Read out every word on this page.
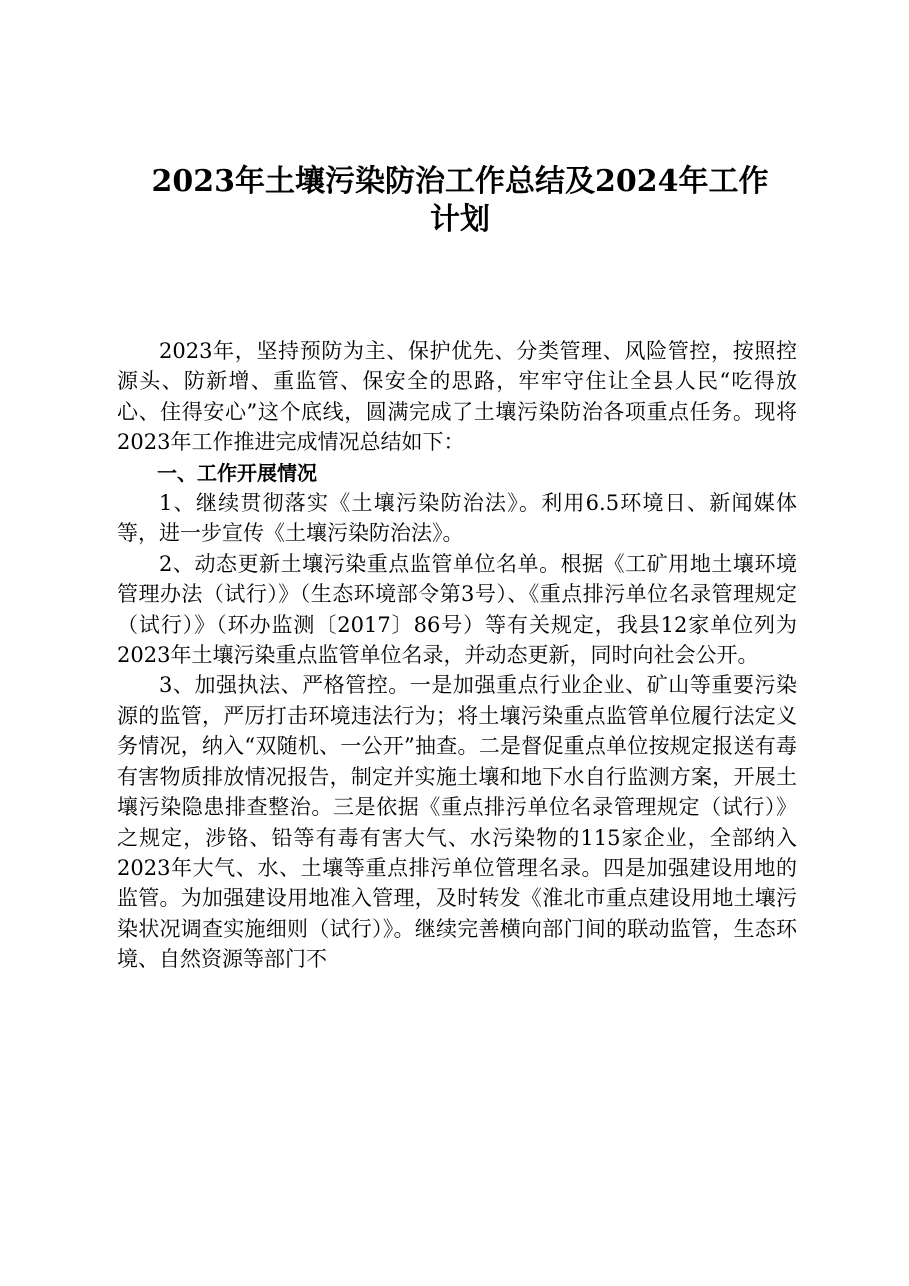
2023年土壤污染防治工作总结及2024年工作
计划

2023年，坚持预防为主、保护优先、分类管理、风险管控，按照控源头、防新增、重监管、保安全的思路，牢牢守住让全县人民“吃得放心、住得安心”这个底线，圆满完成了土壤污染防治各项重点任务。现将2023年工作推进完成情况总结如下：

一、工作开展情况

1、继续贯彻落实《土壤污染防治法》。利用6.5环境日、新闻媒体等，进一步宣传《土壤污染防治法》。

2、动态更新土壤污染重点监管单位名单。根据《工矿用地土壤环境管理办法（试行）》（生态环境部令第3号）、《重点排污单位名录管理规定（试行）》（环办监测〔2017〕86号）等有关规定，我县12家单位列为2023年土壤污染重点监管单位名录，并动态更新，同时向社会公开。

3、加强执法、严格管控。一是加强重点行业企业、矿山等重要污染源的监管，严厉打击环境违法行为；将土壤污染重点监管单位履行法定义务情况，纳入“双随机、一公开”抽查。二是督促重点单位按规定报送有毒有害物质排放情况报告，制定并实施土壤和地下水自行监测方案，开展土壤污染隐患排查整治。三是依据《重点排污单位名录管理规定（试行）》之规定，涉铬、铅等有毒有害大气、水污染物的115家企业，全部纳入2023年大气、水、土壤等重点排污单位管理名录。四是加强建设用地的监管。为加强建设用地准入管理，及时转发《淮北市重点建设用地土壤污染状况调查实施细则（试行）》。继续完善横向部门间的联动监管，生态环境、自然资源等部门不
